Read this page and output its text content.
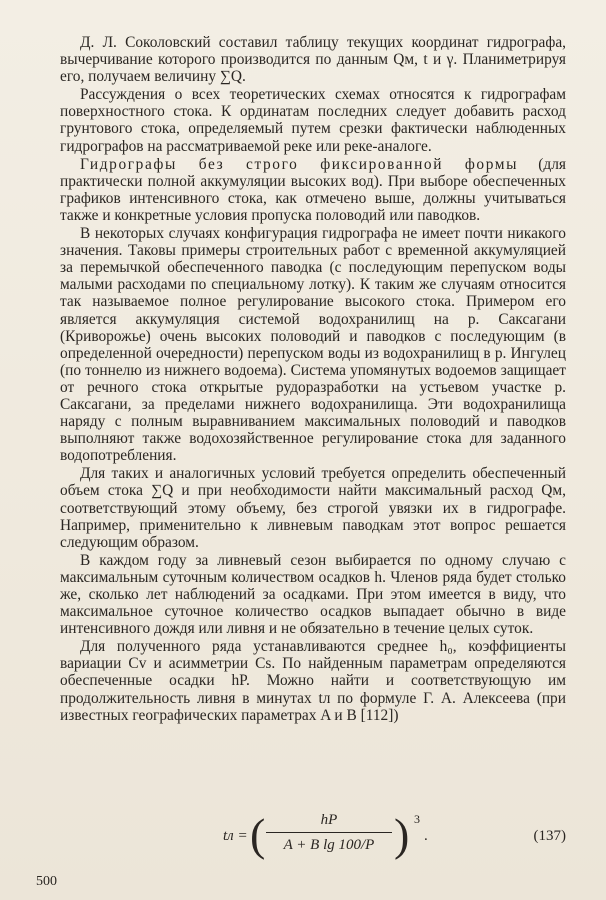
Д. Л. Соколовский составил таблицу текущих координат гидрографа, вычерчивание которого производится по данным Qм, t и γ. Планиметрируя его, получаем величину ∑Q.

Рассуждения о всех теоретических схемах относятся к гидрографам поверхностного стока. К ординатам последних следует добавить расход грунтового стока, определяемый путем срезки фактически наблюденных гидрографов на рассматриваемой реке или реке-аналоге.

Гидрографы без строго фиксированной формы (для практически полной аккумуляции высоких вод). При выборе обеспеченных графиков интенсивного стока, как отмечено выше, должны учитываться также и конкретные условия пропуска половодий или паводков.

В некоторых случаях конфигурация гидрографа не имеет почти никакого значения. Таковы примеры строительных работ с временной аккумуляцией за перемычкой обеспеченного паводка (с последующим перепуском воды малыми расходами по специальному лотку). К таким же случаям относится так называемое полное регулирование высокого стока. Примером его является аккумуляция системой водохранилищ на р. Саксагани (Криворожье) очень высоких половодий и паводков с последующим (в определенной очередности) перепуском воды из водохранилищ в р. Ингулец (по тоннелю из нижнего водоема). Система упомянутых водоемов защищает от речного стока открытые рудоразработки на устьевом участке р. Саксагани, за пределами нижнего водохранилища. Эти водохранилища наряду с полным выравниванием максимальных половодий и паводков выполняют также водохозяйственное регулирование стока для заданного водопотребления.

Для таких и аналогичных условий требуется определить обеспеченный объем стока ∑Q и при необходимости найти максимальный расход Qм, соответствующий этому объему, без строгой увязки их в гидрографе. Например, применительно к ливневым паводкам этот вопрос решается следующим образом.

В каждом году за ливневый сезон выбирается по одному случаю с максимальным суточным количеством осадков h. Членов ряда будет столько же, сколько лет наблюдений за осадками. При этом имеется в виду, что максимальное суточное количество осадков выпадает обычно в виде интенсивного дождя или ливня и не обязательно в течение целых суток.

Для полученного ряда устанавливаются среднее h₀, коэффициенты вариации Cv и асимметрии Cs. По найденным параметрам определяются обеспеченные осадки hP. Можно найти и соответствующую им продолжительность ливня в минутах tл по формуле Г. А. Алексеева (при известных географических параметрах A и B [112])

tл = (	hP
A + B lg 100/P ) 3
.	(137)
500
